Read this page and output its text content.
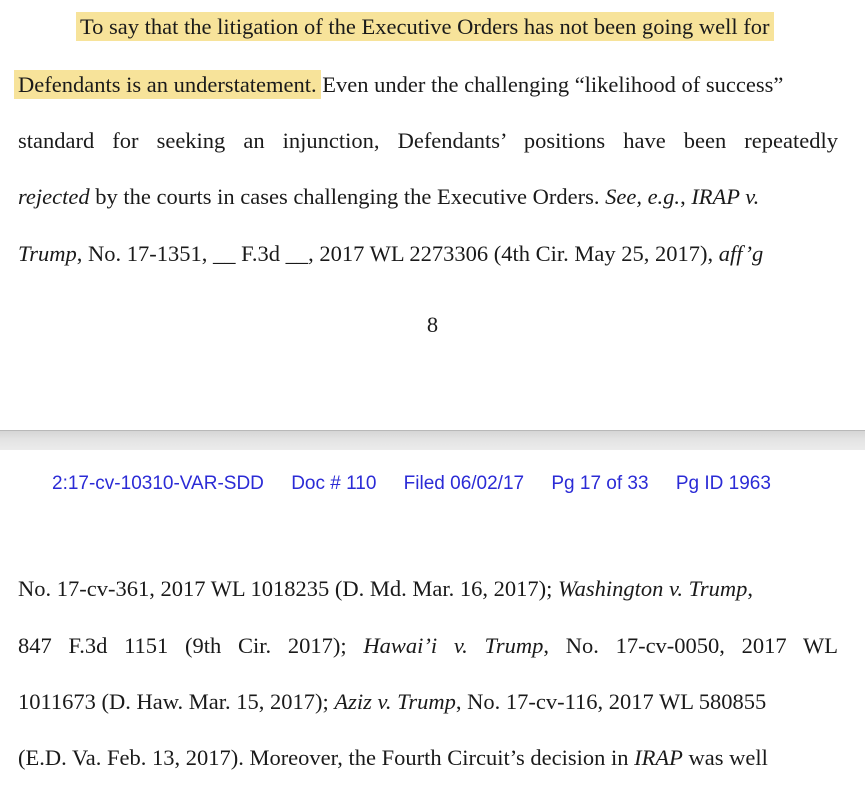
To say that the litigation of the Executive Orders has not been going well for
Defendants is an understatement. Even under the challenging “likelihood of success”
standard for seeking an injunction, Defendants’ positions have been repeatedly
rejected by the courts in cases challenging the Executive Orders. See, e.g., IRAP v.
Trump, No. 17-1351, __ F.3d __, 2017 WL 2273306 (4th Cir. May 25, 2017), aff’g
8
2:17-cv-10310-VAR-SDD Doc # 110 Filed 06/02/17 Pg 17 of 33 Pg ID 1963
No. 17-cv-361, 2017 WL 1018235 (D. Md. Mar. 16, 2017); Washington v. Trump,
847 F.3d 1151 (9th Cir. 2017); Hawai’i v. Trump, No. 17-cv-0050, 2017 WL
1011673 (D. Haw. Mar. 15, 2017); Aziz v. Trump, No. 17-cv-116, 2017 WL 580855
(E.D. Va. Feb. 13, 2017). Moreover, the Fourth Circuit’s decision in IRAP was well
